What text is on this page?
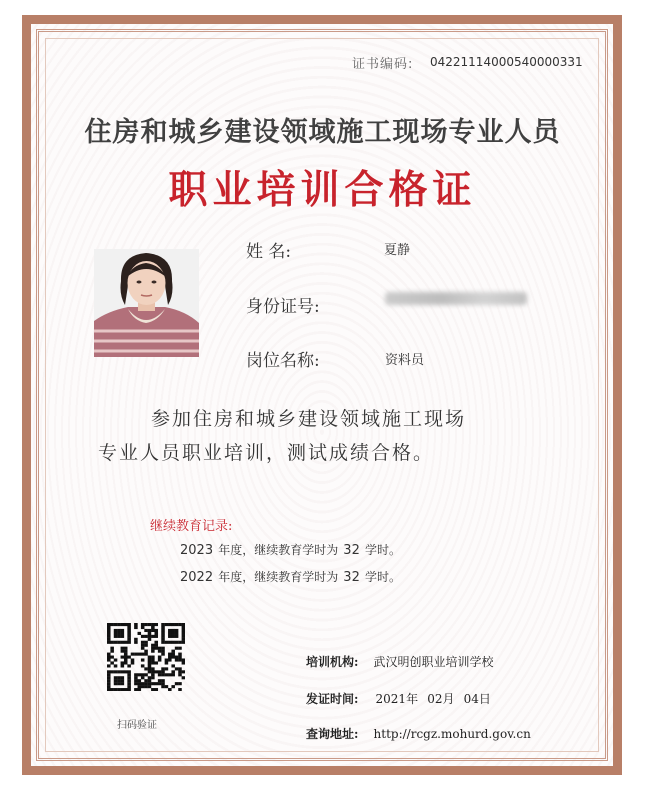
证书编码: 04221114000540000331
住房和城乡建设领域施工现场专业人员
职业培训合格证
姓 名:	夏静
身份证号:
岗位名称:	资料员
参加住房和城乡建设领域施工现场
专业人员职业培训，测试成绩合格。
继续教育记录:
2023 年度，继续教育学时为 32 学时。
2022 年度，继续教育学时为 32 学时。
扫码验证
培训机构: 武汉明创职业培训学校
发证时间: 2021年 02月 04日
查询地址: http://rcgz.mohurd.gov.cn
